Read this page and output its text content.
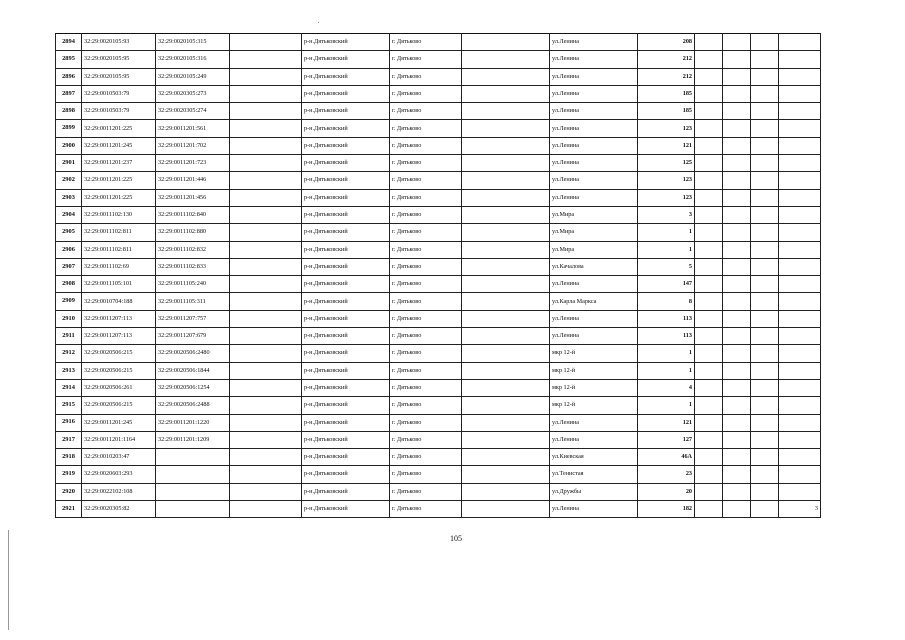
2894	32:29:0020105:93	32:29:0020105:315		р-н.Дятьковский	г. Дятьково		ул.Ленина	208				
2895	32:29:0020105:95	32:29:0020105:316		р-н.Дятьковский	г. Дятьково		ул.Ленина	212				
2896	32:29:0020105:95	32:29:0020105:249		р-н.Дятьковский	г. Дятьково		ул.Ленина	212				
2897	32:29:0010503:79	32:29:0020305:273		р-н.Дятьковский	г. Дятьково		ул.Ленина	185				
2898	32:29:0010503:79	32:29:0020305:274		р-н.Дятьковский	г. Дятьково		ул.Ленина	185				
2899	32:29:0011201:225	32:29:0011201:561		р-н.Дятьковский	г. Дятьково		ул.Ленина	123				
2900	32:29:0011201:245	32:29:0011201:702		р-н.Дятьковский	г. Дятьково		ул.Ленина	121				
2901	32:29:0011201:237	32:29:0011201:723		р-н.Дятьковский	г. Дятьково		ул.Ленина	125				
2902	32:29:0011201:225	32:29:0011201:446		р-н.Дятьковский	г. Дятьково		ул.Ленина	123				
2903	32:29:0011201:225	32:29:0011201:456		р-н.Дятьковский	г. Дятьково		ул.Ленина	123				
2904	32:29:0011102:130	32:29:0011102:840		р-н.Дятьковский	г. Дятьково		ул.Мира	3				
2905	32:29:0011102:811	32:29:0011102:880		р-н.Дятьковский	г. Дятьково		ул.Мира	1				
2906	32:29:0011102:811	32:29:0011102:832		р-н.Дятьковский	г. Дятьково		ул.Мира	1				
2907	32:29:0011102:69	32:29:0011102:833		р-н.Дятьковский	г. Дятьково		ул.Качалова	5				
2908	32:29:0011105:101	32:29:0011105:240		р-н.Дятьковский	г. Дятьково		ул.Ленина	147				
2909	32:29:0010704:188	32:29:0011105:311		р-н.Дятьковский	г. Дятьково		ул.Карла Маркса	8				
2910	32:29:0011207:113	32:29:0011207:757		р-н.Дятьковский	г. Дятьково		ул.Ленина	113				
2911	32:29:0011207:113	32:29:0011207:679		р-н.Дятьковский	г. Дятьково		ул.Ленина	113				
2912	32:29:0020506:215	32:29:0020506:2480		р-н.Дятьковский	г. Дятьково		мкр 12-й	1				
2913	32:29:0020506:215	32:29:0020506:1844		р-н.Дятьковский	г. Дятьково		мкр 12-й	1				
2914	32:29:0020506:261	32:29:0020506:1254		р-н.Дятьковский	г. Дятьково		мкр 12-й	4				
2915	32:29:0020506:215	32:29:0020506:2488		р-н.Дятьковский	г. Дятьково		мкр 12-й	1				
2916	32:29:0011201:245	32:29:0011201:1220		р-н.Дятьковский	г. Дятьково		ул.Ленина	121				
2917	32:29:0011201:1164	32:29:0011201:1209		р-н.Дятьковский	г. Дятьково		ул.Ленина	127				
2918	32:29:0010203:47			р-н.Дятьковский	г. Дятьково		ул.Киевская	46А				
2919	32:29:0020603:293			р-н.Дятьковский	г. Дятьково		ул.Тенистая	23				
2920	32:29:0022102:108			р-н.Дятьковский	г. Дятьково		ул.Дружбы	20				
2921	32:29:0020305:82			р-н.Дятьковский	г. Дятьково		ул.Ленина	182				3
105
